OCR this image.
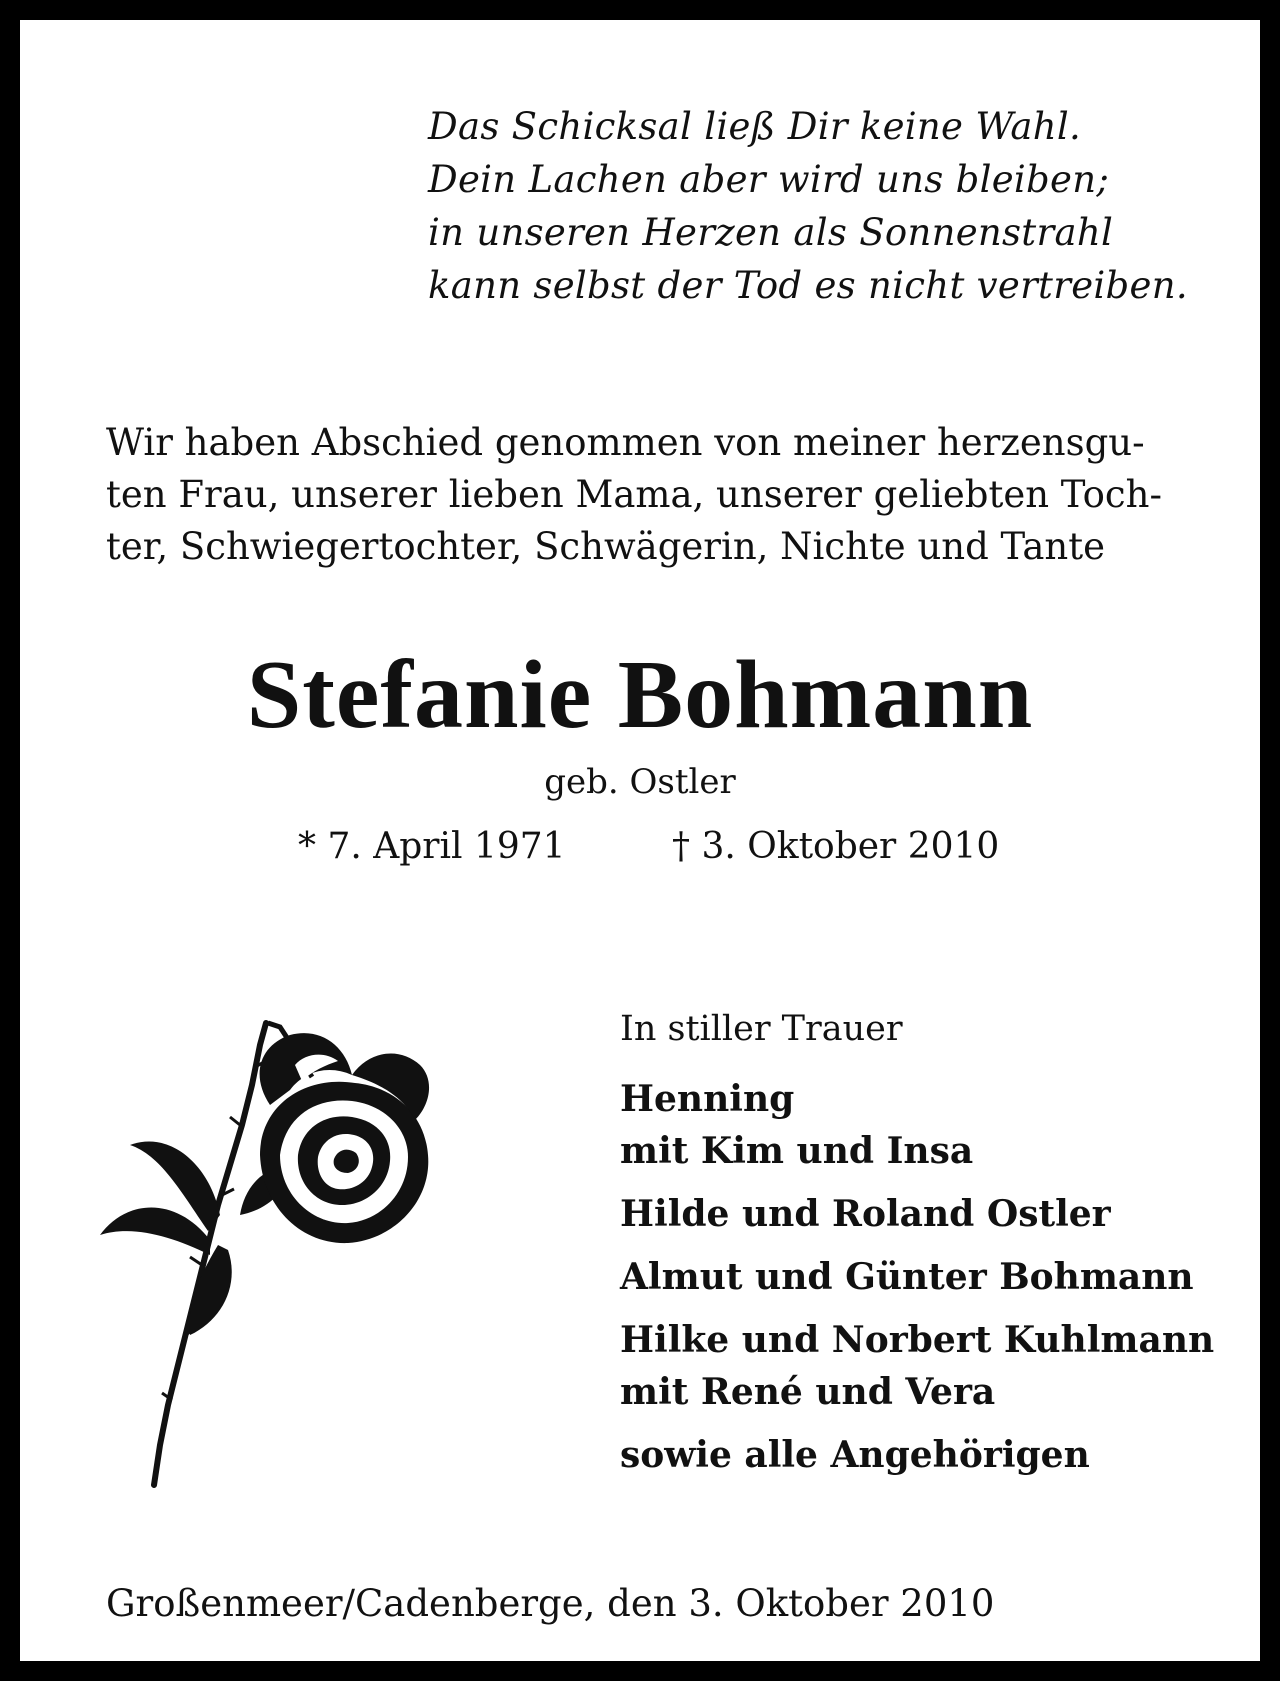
Das Schicksal ließ Dir keine Wahl.
Dein Lachen aber wird uns bleiben;
in unseren Herzen als Sonnenstrahl
kann selbst der Tod es nicht vertreiben.
Wir haben Abschied genommen von meiner herzensgu-
ten Frau, unserer lieben Mama, unserer geliebten Toch-
ter, Schwiegertochter, Schwägerin, Nichte und Tante
Stefanie Bohmann
geb. Ostler
* 7. April 1971	† 3. Oktober 2010
In stiller Trauer
Henning
mit Kim und Insa
Hilde und Roland Ostler
Almut und Günter Bohmann
Hilke und Norbert Kuhlmann
mit René und Vera
sowie alle Angehörigen
Großenmeer/Cadenberge, den 3. Oktober 2010
